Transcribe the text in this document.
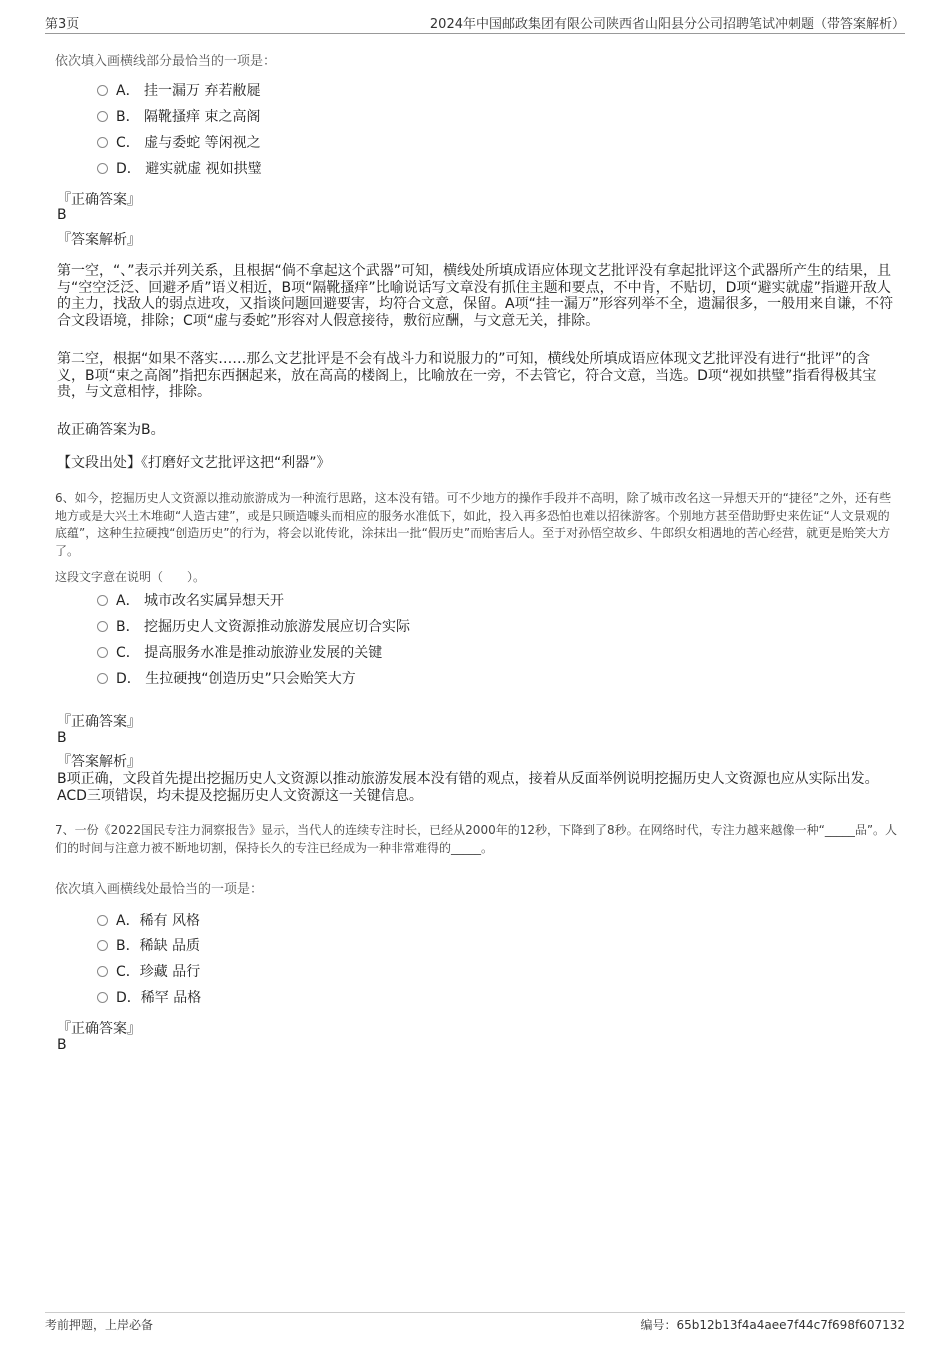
第3页	2024年中国邮政集团有限公司陕西省山阳县分公司招聘笔试冲刺题（带答案解析）
依次填入画横线部分最恰当的一项是：
A． 挂一漏万 弃若敝屣
B． 隔靴搔痒 束之高阁
C． 虚与委蛇 等闲视之
D． 避实就虚 视如拱璧
『正确答案』
B
『答案解析』
第一空，“、”表示并列关系，且根据“倘不拿起这个武器”可知，横线处所填成语应体现文艺批评没有拿起批评这个武器所产生的结果，且与“空空泛泛、回避矛盾”语义相近，B项“隔靴搔痒”比喻说话写文章没有抓住主题和要点，不中肯，不贴切，D项“避实就虚”指避开敌人的主力，找敌人的弱点进攻，又指谈问题回避要害，均符合文意，保留。A项“挂一漏万”形容列举不全，遗漏很多，一般用来自谦，不符合文段语境，排除；C项“虚与委蛇”形容对人假意接待，敷衍应酬，与文意无关，排除。
第二空，根据“如果不落实……那么文艺批评是不会有战斗力和说服力的”可知，横线处所填成语应体现文艺批评没有进行“批评”的含义，B项“束之高阁”指把东西捆起来，放在高高的楼阁上，比喻放在一旁，不去管它，符合文意，当选。D项“视如拱璧”指看得极其宝贵，与文意相悖，排除。
故正确答案为B。
【文段出处】《打磨好文艺批评这把“利器”》
6、如今，挖掘历史人文资源以推动旅游成为一种流行思路，这本没有错。可不少地方的操作手段并不高明，除了城市改名这一异想天开的“捷径”之外，还有些地方或是大兴土木堆砌“人造古建”，或是只顾造噱头而相应的服务水准低下，如此，投入再多恐怕也难以招徕游客。个别地方甚至借助野史来佐证“人文景观的底蕴”，这种生拉硬拽“创造历史”的行为，将会以讹传讹，涂抹出一批“假历史”而贻害后人。至于对孙悟空故乡、牛郎织女相遇地的苦心经营，就更是贻笑大方了。
这段文字意在说明（　　）。
A． 城市改名实属异想天开
B． 挖掘历史人文资源推动旅游发展应切合实际
C． 提高服务水准是推动旅游业发展的关键
D． 生拉硬拽“创造历史”只会贻笑大方
『正确答案』
B
『答案解析』
B项正确，文段首先提出挖掘历史人文资源以推动旅游发展本没有错的观点，接着从反面举例说明挖掘历史人文资源也应从实际出发。ACD三项错误，均未提及挖掘历史人文资源这一关键信息。
7、一份《2022国民专注力洞察报告》显示，当代人的连续专注时长，已经从2000年的12秒，下降到了8秒。在网络时代，专注力越来越像一种“_____品”。人们的时间与注意力被不断地切割，保持长久的专注已经成为一种非常难得的_____。
依次填入画横线处最恰当的一项是：
A．稀有 风格
B．稀缺 品质
C．珍藏 品行
D．稀罕 品格
『正确答案』
B
考前押题，上岸必备	编号：65b12b13f4a4aee7f44c7f698f607132
